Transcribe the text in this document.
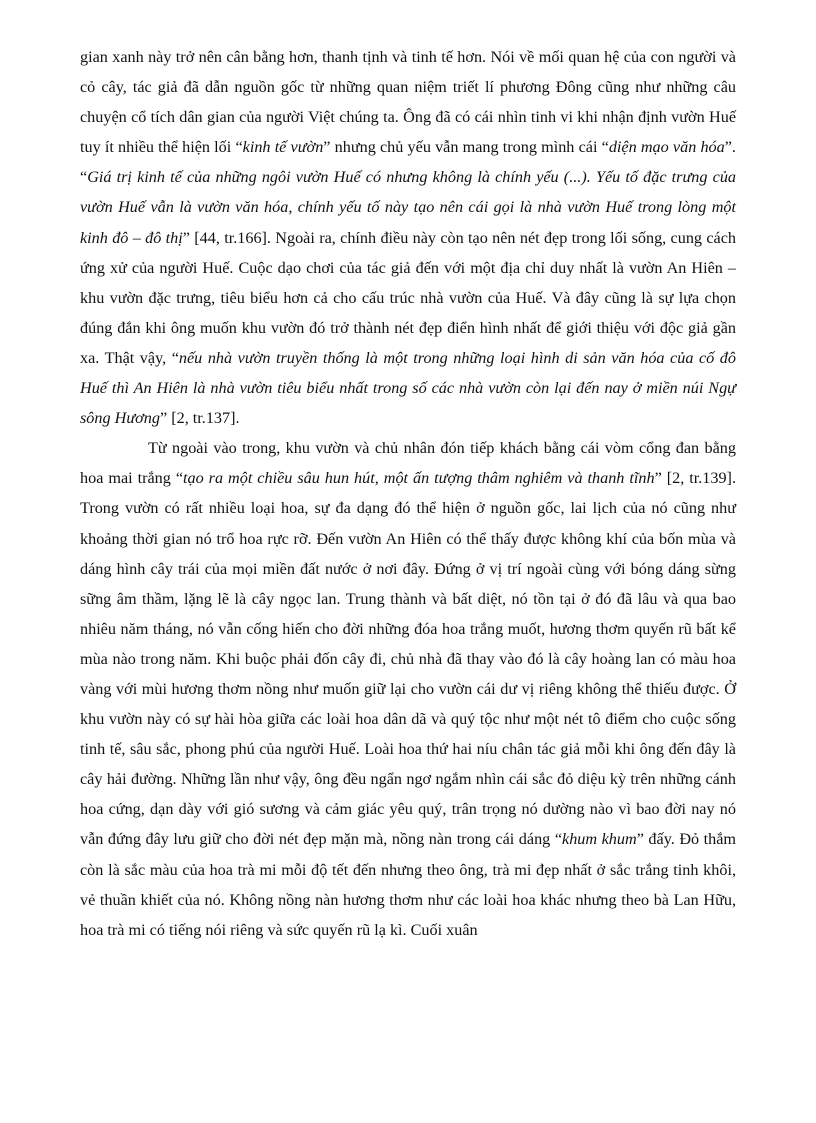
gian xanh này trở nên cân bằng hơn, thanh tịnh và tinh tế hơn. Nói về mối quan hệ của con người và cỏ cây, tác giả đã dẫn nguồn gốc từ những quan niệm triết lí phương Đông cũng như những câu chuyện cổ tích dân gian của người Việt chúng ta. Ông đã có cái nhìn tinh vi khi nhận định vườn Huế tuy ít nhiều thể hiện lối “kinh tế vườn” nhưng chủ yếu vẫn mang trong mình cái “diện mạo văn hóa”. “Giá trị kinh tế của những ngôi vườn Huế có nhưng không là chính yếu (...). Yếu tố đặc trưng của vườn Huế vẫn là vườn văn hóa, chính yếu tố này tạo nên cái gọi là nhà vườn Huế trong lòng một kinh đô – đô thị” [44, tr.166]. Ngoài ra, chính điều này còn tạo nên nét đẹp trong lối sống, cung cách ứng xử của người Huế. Cuộc dạo chơi của tác giả đến với một địa chỉ duy nhất là vườn An Hiên – khu vườn đặc trưng, tiêu biểu hơn cả cho cấu trúc nhà vườn của Huế. Và đây cũng là sự lựa chọn đúng đắn khi ông muốn khu vườn đó trở thành nét đẹp điển hình nhất để giới thiệu với độc giả gần xa. Thật vậy, “nếu nhà vườn truyền thống là một trong những loại hình di sản văn hóa của cố đô Huế thì An Hiên là nhà vườn tiêu biểu nhất trong số các nhà vườn còn lại đến nay ở miền núi Ngự sông Hương” [2, tr.137].

Từ ngoài vào trong, khu vườn và chủ nhân đón tiếp khách bằng cái vòm cổng đan bằng hoa mai trắng “tạo ra một chiều sâu hun hút, một ấn tượng thâm nghiêm và thanh tĩnh” [2, tr.139]. Trong vườn có rất nhiều loại hoa, sự đa dạng đó thể hiện ở nguồn gốc, lai lịch của nó cũng như khoảng thời gian nó trổ hoa rực rỡ. Đến vườn An Hiên có thể thấy được không khí của bốn mùa và dáng hình cây trái của mọi miền đất nước ở nơi đây. Đứng ở vị trí ngoài cùng với bóng dáng sừng sững âm thầm, lặng lẽ là cây ngọc lan. Trung thành và bất diệt, nó tồn tại ở đó đã lâu và qua bao nhiêu năm tháng, nó vẫn cống hiến cho đời những đóa hoa trắng muốt, hương thơm quyến rũ bất kể mùa nào trong năm. Khi buộc phải đốn cây đi, chủ nhà đã thay vào đó là cây hoàng lan có màu hoa vàng với mùi hương thơm nồng như muốn giữ lại cho vườn cái dư vị riêng không thể thiếu được. Ở khu vườn này có sự hài hòa giữa các loài hoa dân dã và quý tộc như một nét tô điểm cho cuộc sống tinh tế, sâu sắc, phong phú của người Huế. Loài hoa thứ hai níu chân tác giả mỗi khi ông đến đây là cây hải đường. Những lần như vậy, ông đều ngẩn ngơ ngắm nhìn cái sắc đỏ diệu kỳ trên những cánh hoa cứng, dạn dày với gió sương và cảm giác yêu quý, trân trọng nó dường nào vì bao đời nay nó vẫn đứng đây lưu giữ cho đời nét đẹp mặn mà, nồng nàn trong cái dáng “khum khum” đấy. Đỏ thắm còn là sắc màu của hoa trà mi mỗi độ tết đến nhưng theo ông, trà mi đẹp nhất ở sắc trắng tinh khôi, vẻ thuần khiết của nó. Không nồng nàn hương thơm như các loài hoa khác nhưng theo bà Lan Hữu, hoa trà mi có tiếng nói riêng và sức quyến rũ lạ kì. Cuối xuân
